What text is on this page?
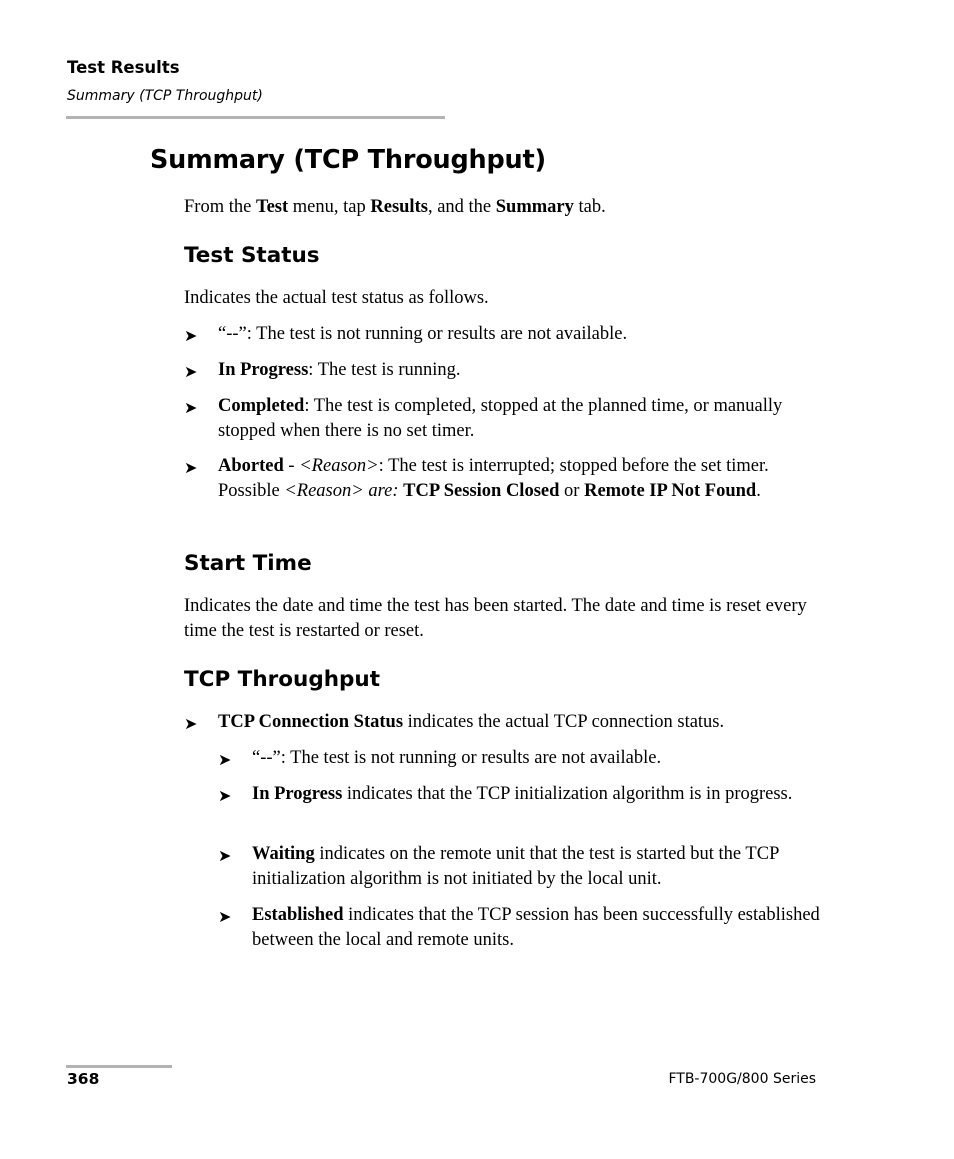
Test Results
Summary (TCP Throughput)
Summary (TCP Throughput)

From the Test menu, tap Results, and the Summary tab.

Test Status

Indicates the actual test status as follows.

➤	“--”: The test is not running or results are not available.
➤	In Progress: The test is running.
➤	Completed: The test is completed, stopped at the planned time, or manually stopped when there is no set timer.
➤	Aborted - <Reason>: The test is interrupted; stopped before the set timer. Possible <Reason> are: TCP Session Closed or Remote IP Not Found.
Start Time

Indicates the date and time the test has been started. The date and time is reset every time the test is restarted or reset.

TCP Throughput
➤	TCP Connection Status indicates the actual TCP connection status.
➤	“--”: The test is not running or results are not available.
➤	In Progress indicates that the TCP initialization algorithm is in progress.
➤	Waiting indicates on the remote unit that the test is started but the TCP initialization algorithm is not initiated by the local unit.
➤	Established indicates that the TCP session has been successfully established between the local and remote units.
368	FTB-700G/800 Series
